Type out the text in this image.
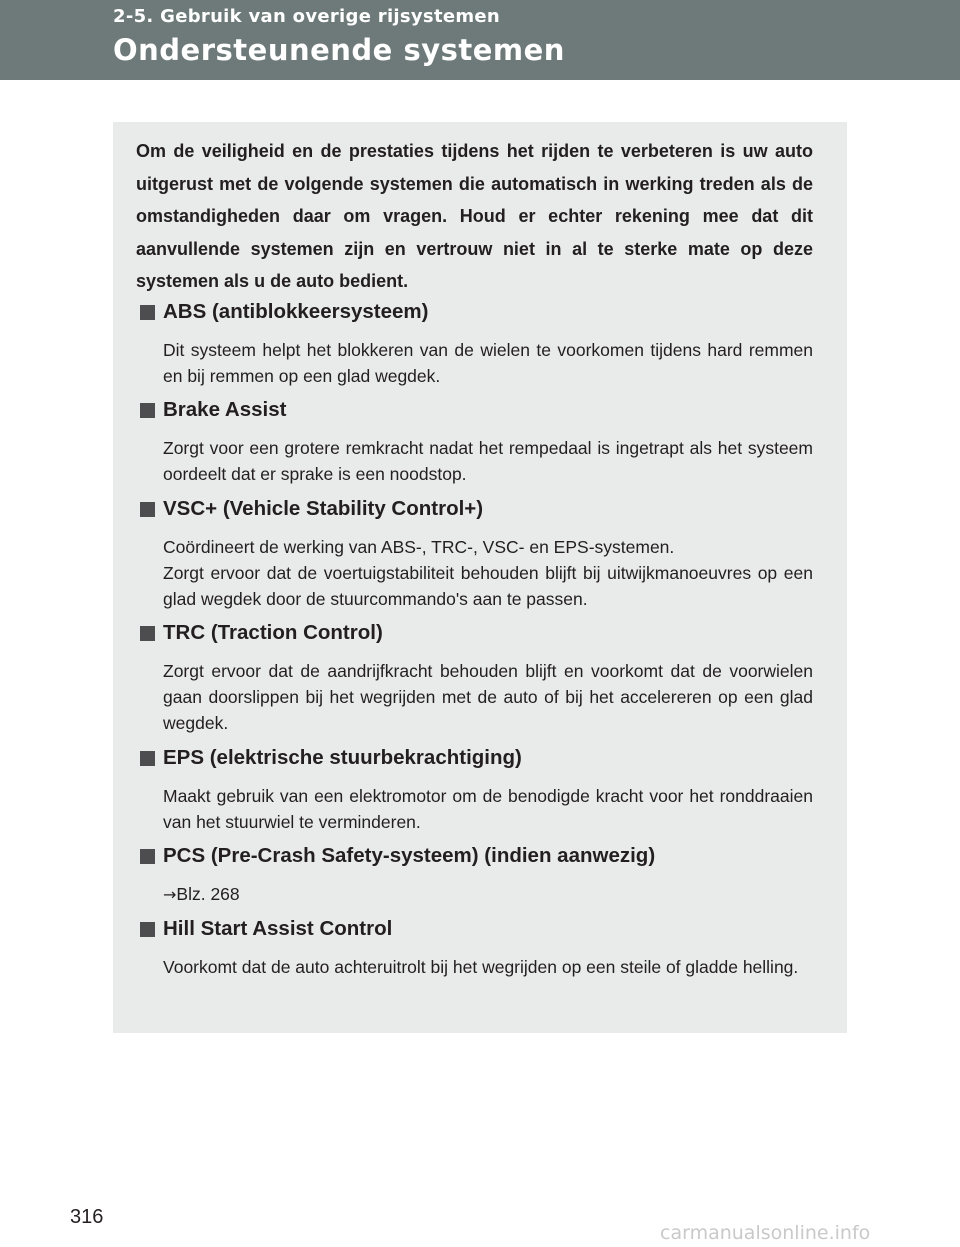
2-5. Gebruik van overige rijsystemen
Ondersteunende systemen

Om de veiligheid en de prestaties tijdens het rijden te verbeteren is uw auto uitgerust met de volgende systemen die automatisch in werking treden als de omstandigheden daar om vragen. Houd er echter rekening mee dat dit aanvullende systemen zijn en vertrouw niet in al te sterke mate op deze systemen als u de auto bedient.

ABS (antiblokkeersysteem)

Dit systeem helpt het blokkeren van de wielen te voorkomen tijdens hard remmen en bij remmen op een glad wegdek.

Brake Assist

Zorgt voor een grotere remkracht nadat het rempedaal is ingetrapt als het systeem oordeelt dat er sprake is een noodstop.

VSC+ (Vehicle Stability Control+)

Coördineert de werking van ABS-, TRC-, VSC- en EPS-systemen.

Zorgt ervoor dat de voertuigstabiliteit behouden blijft bij uitwijkmanoeuvres op een glad wegdek door de stuurcommando's aan te passen.

TRC (Traction Control)

Zorgt ervoor dat de aandrijfkracht behouden blijft en voorkomt dat de voorwielen gaan doorslippen bij het wegrijden met de auto of bij het accelereren op een glad wegdek.

EPS (elektrische stuurbekrachtiging)

Maakt gebruik van een elektromotor om de benodigde kracht voor het ronddraaien van het stuurwiel te verminderen.

PCS (Pre-Crash Safety-systeem) (indien aanwezig)

→Blz. 268

Hill Start Assist Control

Voorkomt dat de auto achteruitrolt bij het wegrijden op een steile of gladde helling.

316
carmanualsonline.info
